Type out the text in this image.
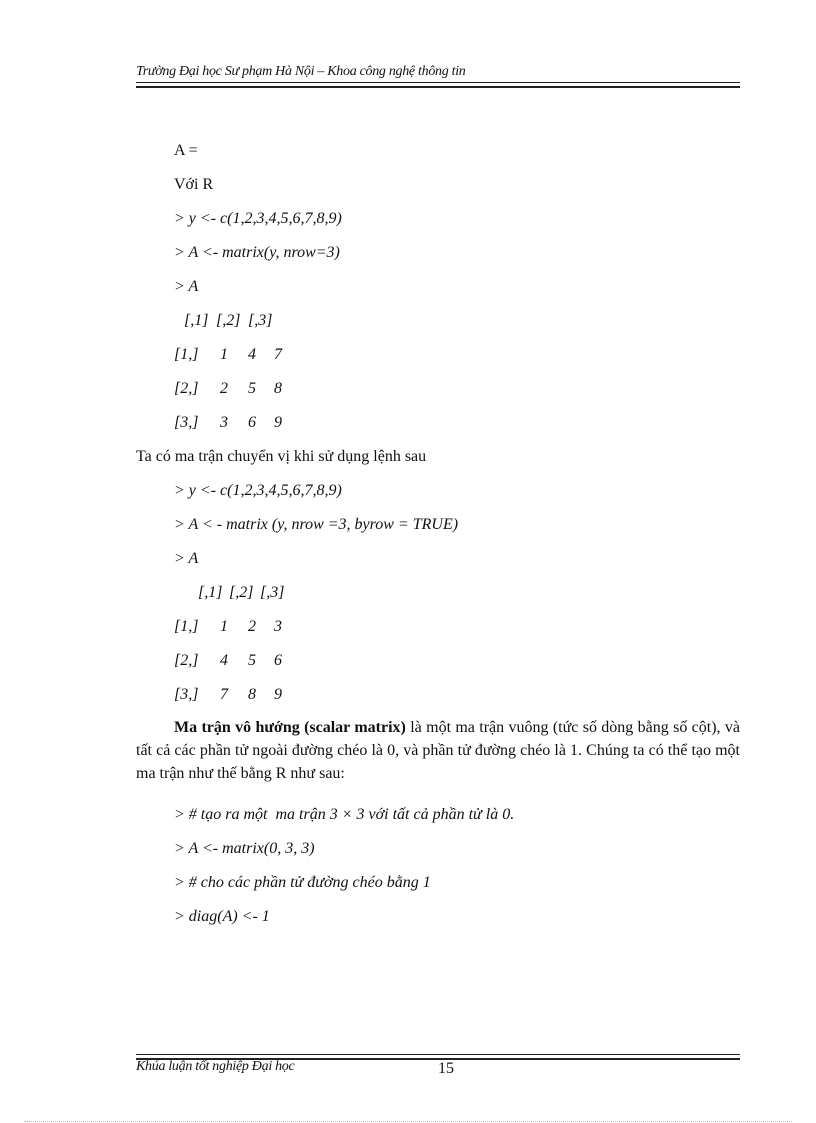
Trường Đại học Sư phạm Hà Nội – Khoa công nghệ thông tin
A =
Với R
> y <- c(1,2,3,4,5,6,7,8,9)
> A <- matrix(y, nrow=3)
> A
[,1] [,2] [,3]
[1,] 1 4 7
[2,] 2 5 8
[3,] 3 6 9
Ta có ma trận chuyển vị khi sử dụng lệnh sau
> y <- c(1,2,3,4,5,6,7,8,9)
> A < - matrix (y, nrow =3, byrow = TRUE)
> A
[,1] [,2] [,3]
[1,] 1 2 3
[2,] 4 5 6
[3,] 7 8 9
Ma trận vô hướng (scalar matrix) là một ma trận vuông (tức số dòng bằng số cột), và tất cả các phần tử ngoài đường chéo là 0, và phần tử đường chéo là 1. Chúng ta có thể tạo một ma trận như thế bằng R như sau:
> # tạo ra một  ma trận 3 × 3 với tất cả phần tử là 0.
> A <- matrix(0, 3, 3)
> # cho các phần tử đường chéo bằng 1
> diag(A) <- 1
Khúa luận tốt nghiệp Đại học	15
